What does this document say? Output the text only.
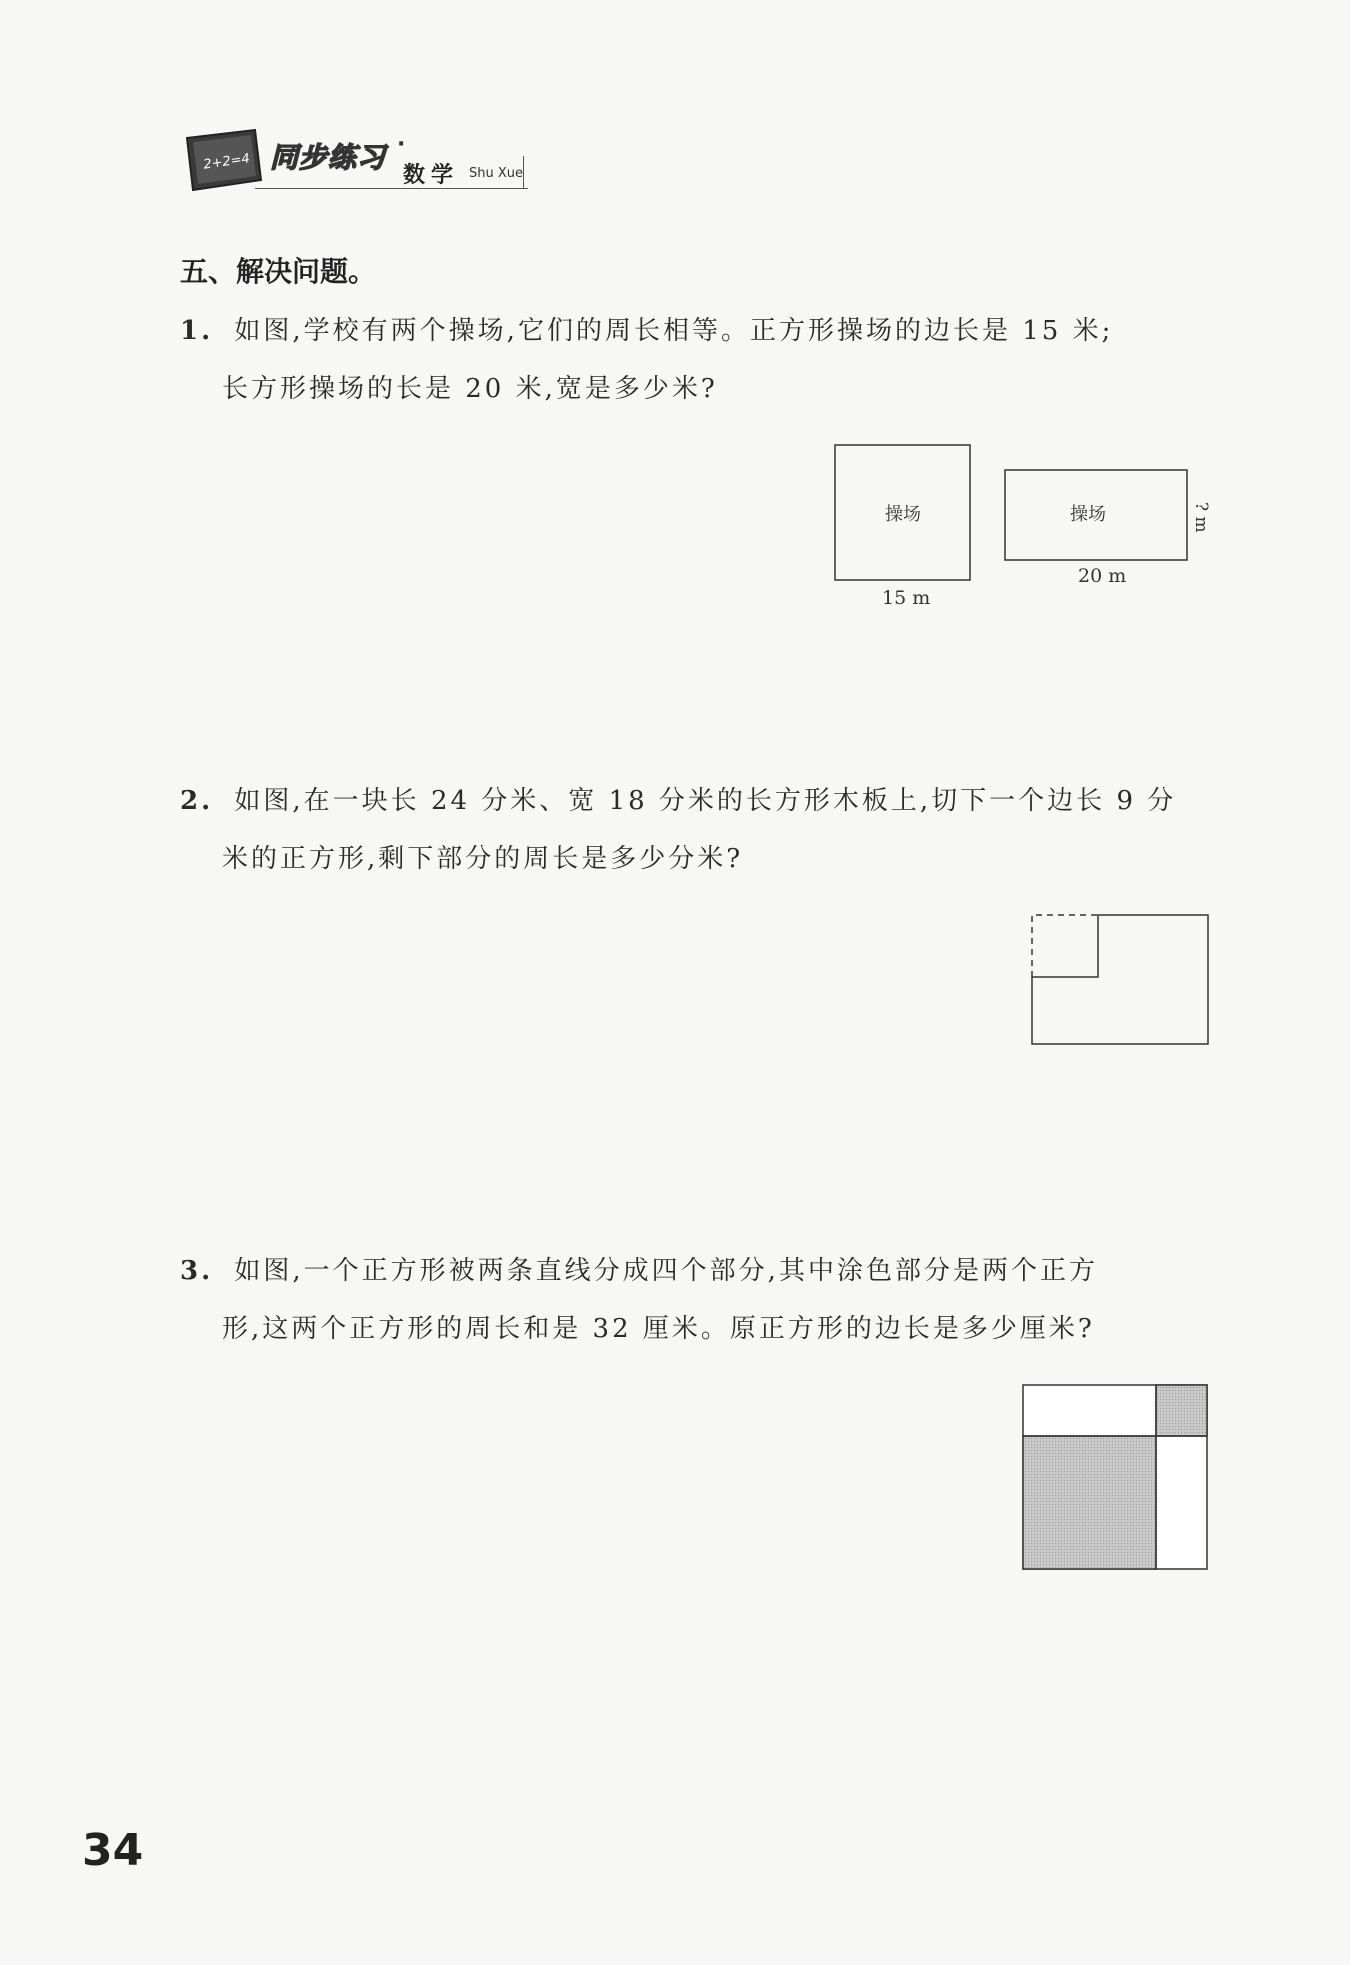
2+2=4 同步练习 ·
数学 Shu Xue
五、解决问题。
1. 如图,学校有两个操场,它们的周长相等。正方形操场的边长是 15 米;
长方形操场的长是 20 米,宽是多少米?
操场
15 m
操场
20 m
? m
2. 如图,在一块长 24 分米、宽 18 分米的长方形木板上,切下一个边长 9 分
米的正方形,剩下部分的周长是多少分米?
3. 如图,一个正方形被两条直线分成四个部分,其中涂色部分是两个正方
形,这两个正方形的周长和是 32 厘米。原正方形的边长是多少厘米?
34
